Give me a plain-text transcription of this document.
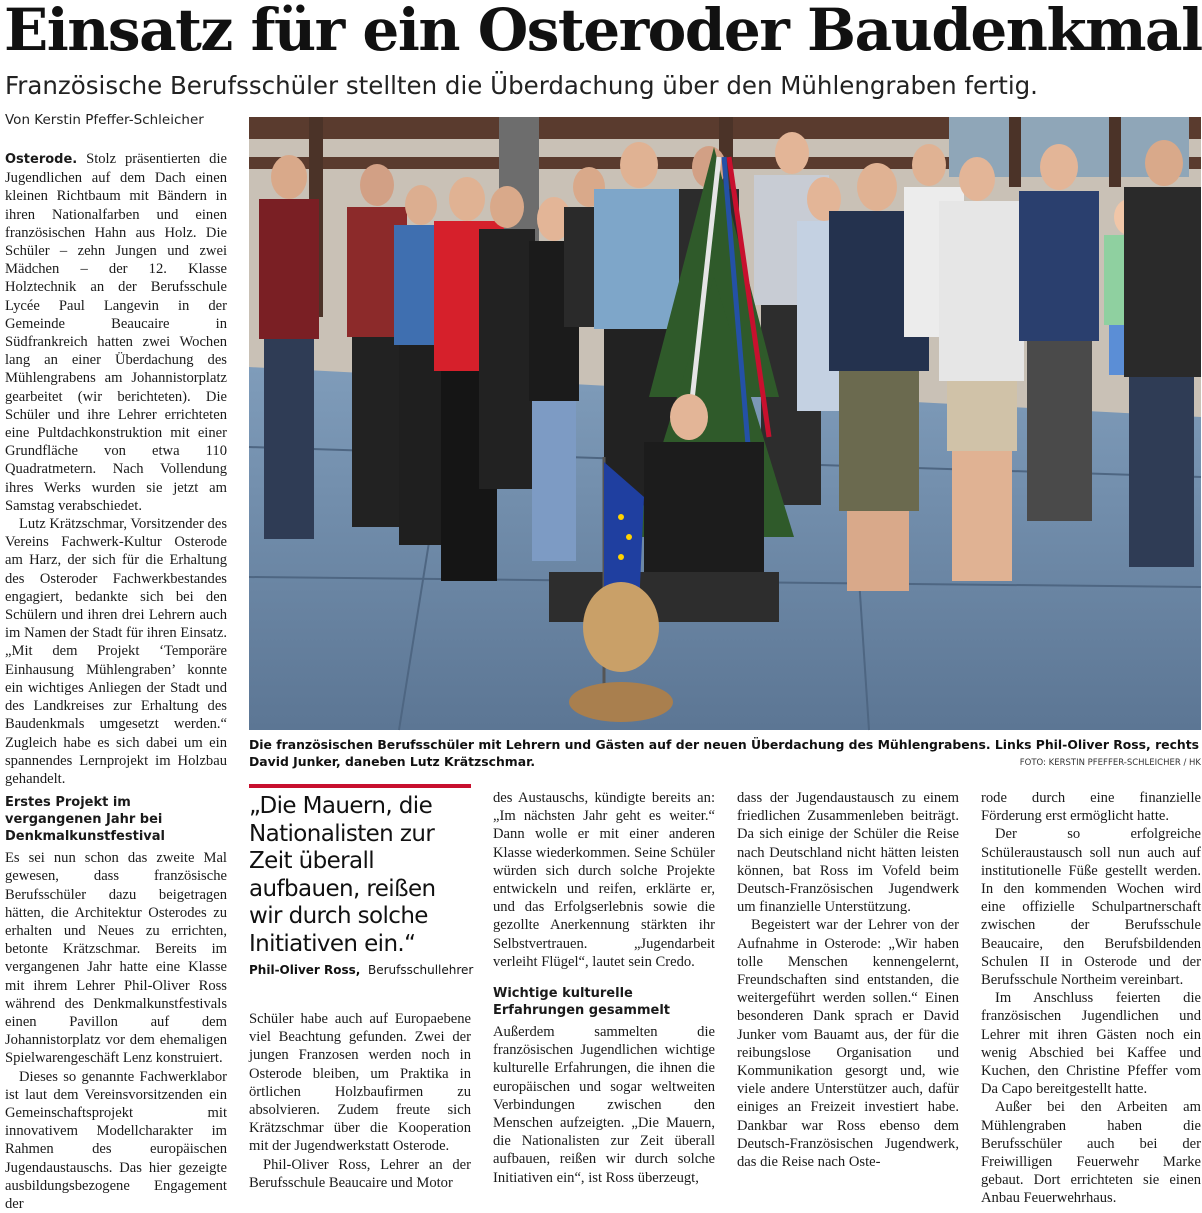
Einsatz für ein Osteroder Baudenkmal
Französische Berufsschüler stellten die Überdachung über den Mühlengraben fertig.
Von Kerstin Pfeffer-Schleicher

Osterode. Stolz präsentierten die Jugendlichen auf dem Dach einen kleinen Richtbaum mit Bändern in ihren Nationalfarben und einen französischen Hahn aus Holz. Die Schüler – zehn Jungen und zwei Mädchen – der 12. Klasse Holztechnik an der Berufsschule Lycée Paul Langevin in der Gemeinde Beaucaire in Südfrankreich hatten zwei Wochen lang an einer Überdachung des Mühlengrabens am Johannistorplatz gearbeitet (wir berichteten). Die Schüler und ihre Lehrer errichteten eine Pultdachkonstruktion mit einer Grundfläche von etwa 110 Quadratmetern. Nach Vollendung ihres Werks wurden sie jetzt am Samstag verabschiedet.

Lutz Krätzschmar, Vorsitzender des Vereins Fachwerk-Kultur Osterode am Harz, der sich für die Erhaltung des Osteroder Fachwerkbestandes engagiert, bedankte sich bei den Schülern und ihren drei Lehrern auch im Namen der Stadt für ihren Einsatz. „Mit dem Projekt ‘Temporäre Einhausung Mühlengraben’ konnte ein wichtiges Anliegen der Stadt und des Landkreises zur Erhaltung des Baudenkmals umgesetzt werden.“ Zugleich habe es sich dabei um ein spannendes Lernprojekt im Holzbau gehandelt.

Erstes Projekt im vergangenen Jahr bei Denkmalkunstfestival

Es sei nun schon das zweite Mal gewesen, dass französische Berufsschüler dazu beigetragen hätten, die Architektur Osterodes zu erhalten und Neues zu errichten, betonte Krätzschmar. Bereits im vergangenen Jahr hatte eine Klasse mit ihrem Lehrer Phil-Oliver Ross während des Denkmalkunstfestivals einen Pavillon auf dem Johannistorplatz vor dem ehemaligen Spielwarengeschäft Lenz konstruiert.

Dieses so genannte Fachwerklabor ist laut dem Vereinsvorsitzenden ein Gemeinschaftsprojekt mit innovativem Modellcharakter im Rahmen des europäischen Jugendaustauschs. Das hier gezeigte ausbildungsbezogene Engagement der

Die französischen Berufsschüler mit Lehrern und Gästen auf der neuen Überdachung des Mühlengrabens. Links Phil-Oliver Ross, rechts David Junker, daneben Lutz Krätzschmar.	FOTO: KERSTIN PFEFFER-SCHLEICHER / HK
„Die Mauern, die Nationalisten zur Zeit überall aufbauen, reißen wir durch solche Initiativen ein.“
Phil-Oliver Ross, Berufsschullehrer

Schüler habe auch auf Europaebene viel Beachtung gefunden. Zwei der jungen Franzosen werden noch in Osterode bleiben, um Praktika in örtlichen Holzbaufirmen zu absolvieren. Zudem freute sich Krätzschmar über die Kooperation mit der Jugendwerkstatt Osterode.

Phil-Oliver Ross, Lehrer an der Berufsschule Beaucaire und Motor

des Austauschs, kündigte bereits an: „Im nächsten Jahr geht es weiter.“ Dann wolle er mit einer anderen Klasse wiederkommen. Seine Schüler würden sich durch solche Projekte entwickeln und reifen, erklärte er, und das Erfolgserlebnis sowie die gezollte Anerkennung stärkten ihr Selbstvertrauen. „Jugendarbeit verleiht Flügel“, lautet sein Credo.

Wichtige kulturelle Erfahrungen gesammelt

Außerdem sammelten die französischen Jugendlichen wichtige kulturelle Erfahrungen, die ihnen die europäischen und sogar weltweiten Verbindungen zwischen den Menschen aufzeigten. „Die Mauern, die Nationalisten zur Zeit überall aufbauen, reißen wir durch solche Initiativen ein“, ist Ross überzeugt,

dass der Jugendaustausch zu einem friedlichen Zusammenleben beiträgt. Da sich einige der Schüler die Reise nach Deutschland nicht hätten leisten können, bat Ross im Vofeld beim Deutsch-Französischen Jugendwerk um finanzielle Unterstützung.

Begeistert war der Lehrer von der Aufnahme in Osterode: „Wir haben tolle Menschen kennengelernt, Freundschaften sind entstanden, die weitergeführt werden sollen.“ Einen besonderen Dank sprach er David Junker vom Bauamt aus, der für die reibungslose Organisation und Kommunikation gesorgt und, wie viele andere Unterstützer auch, dafür einiges an Freizeit investiert habe. Dankbar war Ross ebenso dem Deutsch-Französischen Jugendwerk, das die Reise nach Oste-

rode durch eine finanzielle Förderung erst ermöglicht hatte.

Der so erfolgreiche Schüleraustausch soll nun auch auf institutionelle Füße gestellt werden. In den kommenden Wochen wird eine offizielle Schulpartnerschaft zwischen der Berufsschule Beaucaire, den Berufsbildenden Schulen II in Osterode und der Berufsschule Northeim vereinbart.

Im Anschluss feierten die französischen Jugendlichen und Lehrer mit ihren Gästen noch ein wenig Abschied bei Kaffee und Kuchen, den Christine Pfeffer vom Da Capo bereitgestellt hatte.

Außer bei den Arbeiten am Mühlengraben haben die Berufsschüler auch bei der Freiwilligen Feuerwehr Marke gebaut. Dort errichteten sie einen Anbau Feuerwehrhaus.
